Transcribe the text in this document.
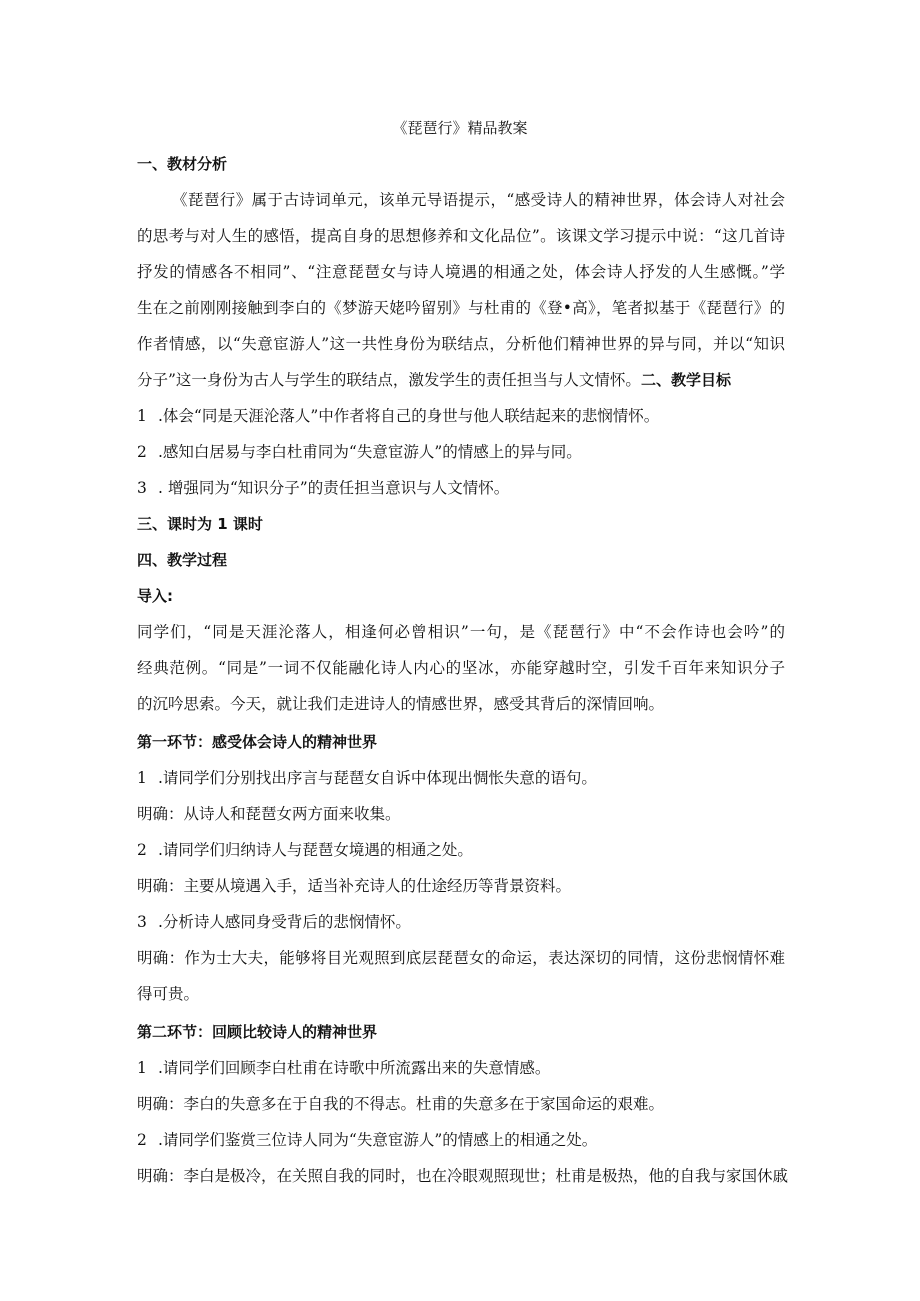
《琵琶行》精品教案
一、教材分析
《琵琶行》属于古诗词单元，该单元导语提示，“感受诗人的精神世界，体会诗人对社会
的思考与对人生的感悟，提高自身的思想修养和文化品位”。该课文学习提示中说：“这几首诗
抒发的情感各不相同”、“注意琵琶女与诗人境遇的相通之处，体会诗人抒发的人生感慨。”学
生在之前刚刚接触到李白的《梦游天姥吟留别》与杜甫的《登•高》，笔者拟基于《琵琶行》的
作者情感，以“失意宦游人”这一共性身份为联结点，分析他们精神世界的异与同，并以“知识
分子”这一身份为古人与学生的联结点，激发学生的责任担当与人文情怀。二、教学目标
1 .体会“同是天涯沦落人”中作者将自己的身世与他人联结起来的悲悯情怀。
2 .感知白居易与李白杜甫同为“失意宦游人”的情感上的异与同。
3 . 增强同为“知识分子”的责任担当意识与人文情怀。
三、课时为 1 课时
四、教学过程
导入:
同学们，“同是天涯沦落人，相逢何必曾相识”一句，是《琵琶行》中“不会作诗也会吟”的
经典范例。“同是”一词不仅能融化诗人内心的坚冰，亦能穿越时空，引发千百年来知识分子
的沉吟思索。今天，就让我们走进诗人的情感世界，感受其背后的深情回响。
第一环节：感受体会诗人的精神世界
1 .请同学们分别找出序言与琵琶女自诉中体现出惆怅失意的语句。
明确：从诗人和琵琶女两方面来收集。
2 .请同学们归纳诗人与琵琶女境遇的相通之处。
明确：主要从境遇入手，适当补充诗人的仕途经历等背景资料。
3 .分析诗人感同身受背后的悲悯情怀。
明确：作为士大夫，能够将目光观照到底层琵琶女的命运，表达深切的同情，这份悲悯情怀难
得可贵。
第二环节：回顾比较诗人的精神世界
1 .请同学们回顾李白杜甫在诗歌中所流露出来的失意情感。
明确：李白的失意多在于自我的不得志。杜甫的失意多在于家国命运的艰难。
2 .请同学们鉴赏三位诗人同为“失意宦游人”的情感上的相通之处。
明确：李白是极冷，在关照自我的同时，也在冷眼观照现世；杜甫是极热，他的自我与家国休戚
